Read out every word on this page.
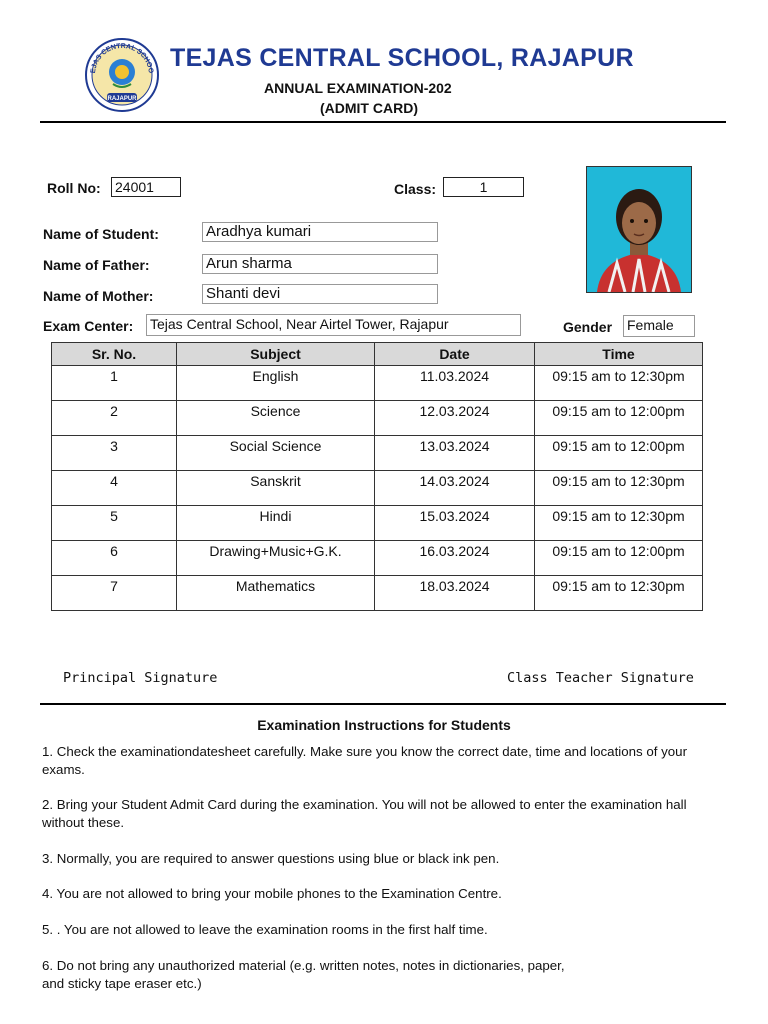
EJAS CENTRAL SCHOO
RAJAPUR
TEJAS CENTRAL SCHOOL, RAJAPUR
ANNUAL EXAMINATION-202
(ADMIT CARD)
Roll No: 24001	Class:	1
Name of Student:	Aradhya kumari
Name of Father:	Arun sharma
Name of Mother:	Shanti devi
Exam Center: Tejas Central School, Near Airtel Tower, Rajapur	Gender Female
Sr. No.	Subject	Date	Time
1	English	11.03.2024	09:15 am to 12:30pm
2	Science	12.03.2024	09:15 am to 12:00pm
3	Social Science	13.03.2024	09:15 am to 12:00pm
4	Sanskrit	14.03.2024	09:15 am to 12:30pm
5	Hindi	15.03.2024	09:15 am to 12:30pm
6	Drawing+Music+G.K.	16.03.2024	09:15 am to 12:00pm
7	Mathematics	18.03.2024	09:15 am to 12:30pm
Principal Signature	Class Teacher Signature
Examination Instructions for Students
1. Check the examinationdatesheet carefully. Make sure you know the correct date, time and locations of your exams.
2. Bring your Student Admit Card during the examination. You will not be allowed to enter the examination hall without these.
3. Normally, you are required to answer questions using blue or black ink pen.
4. You are not allowed to bring your mobile phones to the Examination Centre.
5. . You are not allowed to leave the examination rooms in the first half time.
6. Do not bring any unauthorized material (e.g. written notes, notes in dictionaries, paper, and sticky tape eraser etc.)
